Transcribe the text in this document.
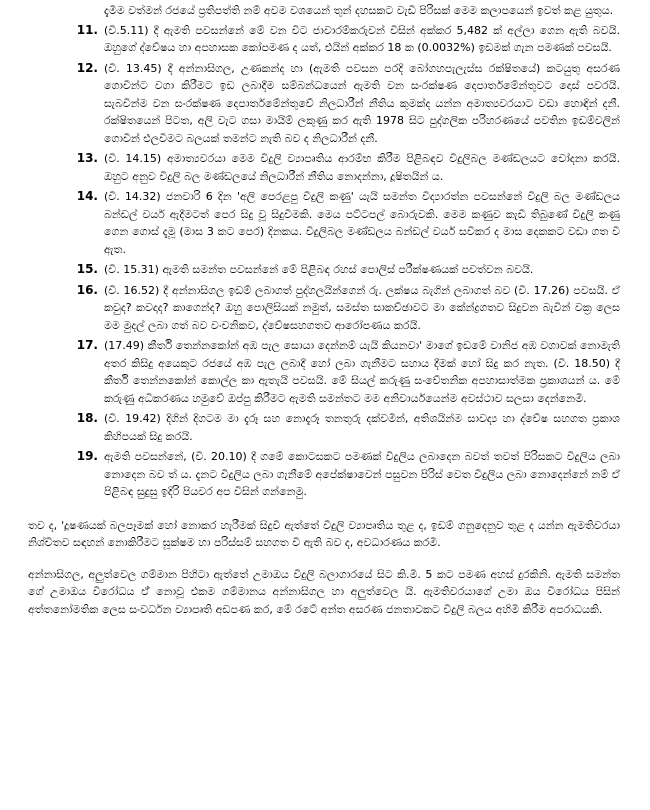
දැමීම වත්මන් රජයේ ප්‍රතිපත්ති නම් අවම වශයෙන් තුන් දහසකට වැඩි පිරිසක් මෙම කලාපයෙන් ඉවත් කළ යුතුය.
11. (වි.5.11) දී ඇමති පවසන්නේ මේ වන විට ජාවාරම්කරුවන් විසින් අක්කර 5,482 ක් අල්ලා ගෙන ඇති බවයි. ඔහුගේ ද්වේෂය හා අපහාසක කෝපමණ ද යත්, එයින් අක්කර 18 ක (0.0032%) ඉඩමක් ගැන පමණක් පවසයි.
12. (වි. 13.45) දී අන්නාසිගල, උණකන්ද හා (ඇමති පවසන පරදි බෝගහපැලැස්ස රක්ෂිතයේ) කටයුතු අසරණ ගොවීන්ට වගා කිරීමට ඉඩ ලබාදීම සම්බන්ධයෙන් ඇමති වන සංරක්ෂණ දෙපාර්තමේන්තුවට දොස් පවරයි. සැබවින්ම වන සංරක්ෂණ දෙපාර්තමේන්තුවේ නිලධාරීන් නීතිය කුමක්ද යන්න අමාත්‍යවරයාට වඩා හොඳින් දනී. රක්ෂිතයෙන් පිටත, අලි වැට ගසා මායිම් ලකුණු කර ඇති 1978 සිට පුද්ගලික පරිහරණයේ පවතින ඉඩම්වලින් ගොවීන් එලවීමට බලයක් තමන්ට නැති බව ද නිලධාරීන් දනී.
13. (වි. 14.15) අමාත්‍යවරයා මෙම විදුලි ව්‍යාපෘතිය ආරම්භ කිරීම පිළිබඳව විදුලිබල මණ්ඩලයට චෝදනා කරයි. ඔහුට අනුව විදුලි බල මණ්ඩලයේ නිලධාරීන් නීතිය නොදන්නා, දූෂිතයින් ය.
14. (වි. 14.32) ජනවාරි 6 දින 'අලි පෙරළපු විදුලි කණු' යැයි සමන්ත විද්‍යාරත්න පවසන්නේ විදුලි බල මණ්ඩලය බන්ඩල් වයර් ඇදීමටත් පෙර සිදු වූ සිදුවීමකි. මෙය පට්ටපල් බොරුවකි. මෙම කණුව කැඩී තිබුණේ විදුලි කණු ගෙන ගොස් දැමූ (මාස 3 කට පෙර) දිනකය. විදුලිබල මණ්ඩලය බන්ඩල් වයර් සවිකර ද මාස දෙකකට වඩා ගත වී ඇත.
15. (වි. 15.31) ඇමති සමන්ත පවසන්නේ මේ පිළිබඳ රහස් පොලිස් පරීක්ෂණයක් පවත්වන බවයි.
16. (වි. 16.52) දී අන්නාසිගල ඉඩම් ලබාගත් පුද්ගලයින්ගෙන් රු. ලක්ෂය බැගින් ලබාගත් බව (වි. 17.26) පවසයි. ඒ කවුද? කවදාද? කාගෙන්ද? ඔහු පොලිසියක් නමුත්, සමස්ත සාකච්ඡාවට මා කේන්ද්‍රගතව සිදුවන බැවින් වක්‍ර ලෙස මම මුදල් ලබා ගත් බව වංචනිකව, ද්වේෂසහගතව ආරෝපණය කරයි.
17. (17.49) කීර්ති තෙන්නකෝන් අඹ පැල සොයා දෙන්නම් යැයි කියනවා' මාගේ ඉඩමේ වානිජ අඹ වගාවක් නොමැති අතර කිසිදු අයෙකුට රජයේ අඹ පැල ලබාදී හෝ ලබා ගැනීමට සහාය දීමක් හෝ සිදු කර නැත. (වි. 18.50) දී කීර්ති තෙන්නකෝන් කොල්ල කා ඇතැයි පවසයි. මේ සියල් කරුණු සංවේතනික අපහාසාත්මක ප්‍රකාශයන් ය. මේ කරුණු අධිකරණය හමුවේ ඔප්පු කිරීමට ඇමති සමන්තට මම අනිවාර්යයෙන්ම අවස්ථාව සලසා දෙන්නෙමි.
18. (වි. 19.42) දිගින් දිගටම මා දැරූ සහ නොදැරූ තනතුරු දක්වමින්, අතිශයින්ම සාවද්‍ය හා ද්වේෂ සහගත ප්‍රකාශ කිහිපයක් සිදු කරයි.
19. ඇමති පවසන්නේ, (වි. 20.10) දී ගමේ කොටසකට පමණක් විදුලිය ලබාදෙන බවත් තවත් පිරිසකට විදුලිය ලබා නොදෙන බව ත් ය. දැනට විදුලිය ලබා ගැනීමේ අපේක්ෂාවෙන් පසුවන පිරිස් වෙත විදුලිය ලබා නොදෙන්නේ නම් ඒ පිළිබඳ සුදුසු ඉදිරි පියවර අප විසින් ගන්නෙමු.

තව ද, 'දූෂණයක් බලපෑමක් හෝ නොකර හැරීමක් සිදුවී ඇත්තේ විදුලි ව්‍යාපෘතිය තුළ ද, ඉඩම් ගනුදෙනුව තුළ ද යන්න ඇමතිවරයා නිශ්චිතව සඳහන් නොකිරීමට සූක්ෂම හා පරිස්සම් සහගත වී ඇති බව ද, අවධාරණය කරමි.

අන්නාසිගල, අලුත්වෙල ගම්මාන පිහිටා ඇත්තේ උමාඔය විදුලි බලාගාරයේ සිට කි.මී. 5 කට පමණ අහස් දුරකිනි. ඇමති සමන්ත ගේ උමාඔය විරෝධය ඒ් නොවූ එකම ගම්මානය අන්නාසිගල හා අලුත්වෙල යි. ඇමතිවරයාගේ උමා ඔය විරෝධය පිසින් අත්තනෝමතික ලෙස සංවර්ධන ව්‍යාපෘති අඩපණ කර, මේ රටේ අන්ත අසරණ ජනතාවකට විදුලි බලය අහිමි කිරීම අපරාධයකි.
